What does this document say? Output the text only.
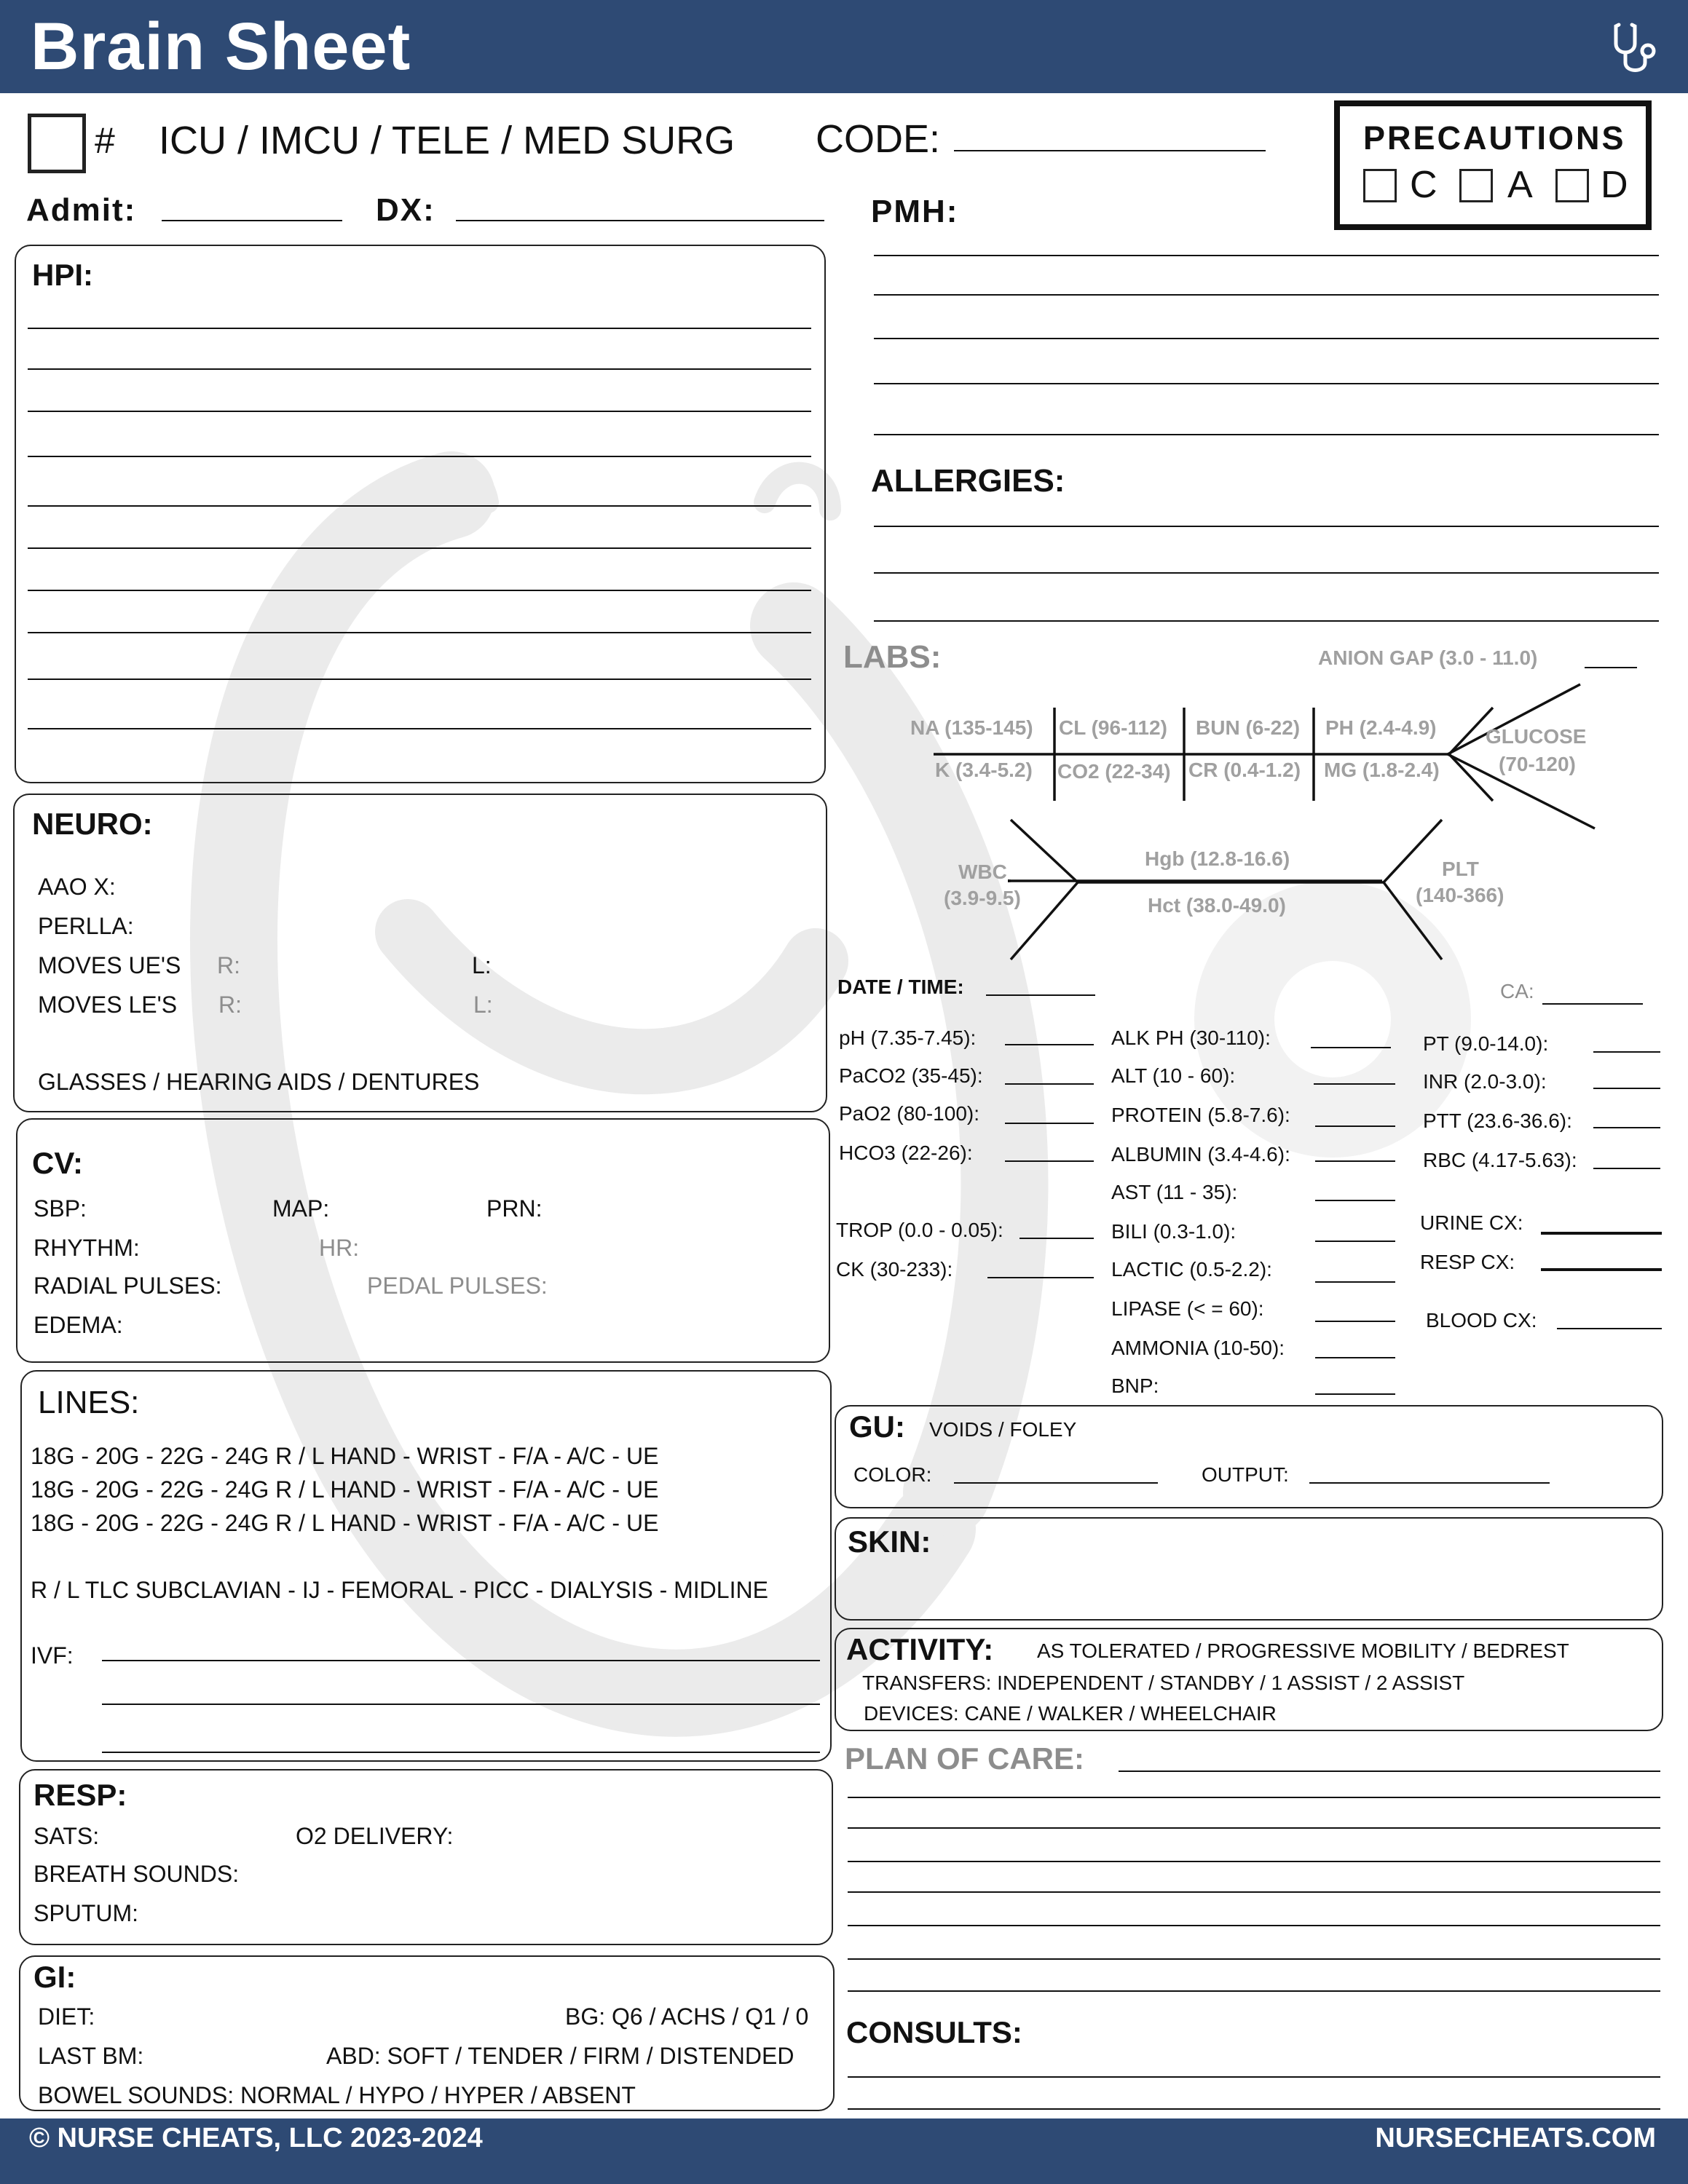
Brain Sheet
# ICU / IMCU / TELE / MED SURG CODE:	PRECAUTIONS
C A D
Admit:	DX:	PMH:
ALLERGIES:
HPI:
NEURO:
AAO X:
PERLLA:
MOVES UE'S R:	L:
MOVES LE'S R:	L:
GLASSES / HEARING AIDS / DENTURES
CV:
SBP:	MAP:	PRN:
RHYTHM:	HR:
RADIAL PULSES:	PEDAL PULSES:
EDEMA:
LINES:
18G - 20G - 22G - 24G R / L HAND - WRIST - F/A - A/C - UE
18G - 20G - 22G - 24G R / L HAND - WRIST - F/A - A/C - UE
18G - 20G - 22G - 24G R / L HAND - WRIST - F/A - A/C - UE
R / L TLC SUBCLAVIAN - IJ - FEMORAL - PICC - DIALYSIS - MIDLINE
IVF:
RESP:
SATS:	O2 DELIVERY:
BREATH SOUNDS:
SPUTUM:
GI:
DIET:	BG: Q6 / ACHS / Q1 / 0
LAST BM:	ABD: SOFT / TENDER / FIRM / DISTENDED
BOWEL SOUNDS: NORMAL / HYPO / HYPER / ABSENT
LABS:	ANION GAP (3.0 - 11.0)
NA (135-145) CL (96-112) BUN (6-22) PH (2.4-4.9) GLUCOSE
(70-120)
K (3.4-5.2) CO2 (22-34) CR (0.4-1.2) MG (1.8-2.4)
WBC
(3.9-9.5)
Hgb (12.8-16.6)
Hct (38.0-49.0)
PLT
(140-366)
DATE / TIME:	CA:
pH (7.35-7.45):
PaCO2 (35-45):
PaO2 (80-100):
HCO3 (22-26):
TROP (0.0 - 0.05):
CK (30-233):
ALK PH (30-110):
ALT (10 - 60):
PROTEIN (5.8-7.6):
ALBUMIN (3.4-4.6):
AST (11 - 35):
BILI (0.3-1.0):
LACTIC (0.5-2.2):
LIPASE (< = 60):
AMMONIA (10-50):
BNP:
PT (9.0-14.0):
INR (2.0-3.0):
PTT (23.6-36.6):
RBC (4.17-5.63):
URINE CX:
RESP CX:
BLOOD CX:
GU: VOIDS / FOLEY
COLOR:	OUTPUT:
SKIN:
ACTIVITY: AS TOLERATED / PROGRESSIVE MOBILITY / BEDREST
TRANSFERS: INDEPENDENT / STANDBY / 1 ASSIST / 2 ASSIST
DEVICES: CANE / WALKER / WHEELCHAIR
PLAN OF CARE:
CONSULTS:
© NURSE CHEATS, LLC 2023-2024	NURSECHEATS.COM
